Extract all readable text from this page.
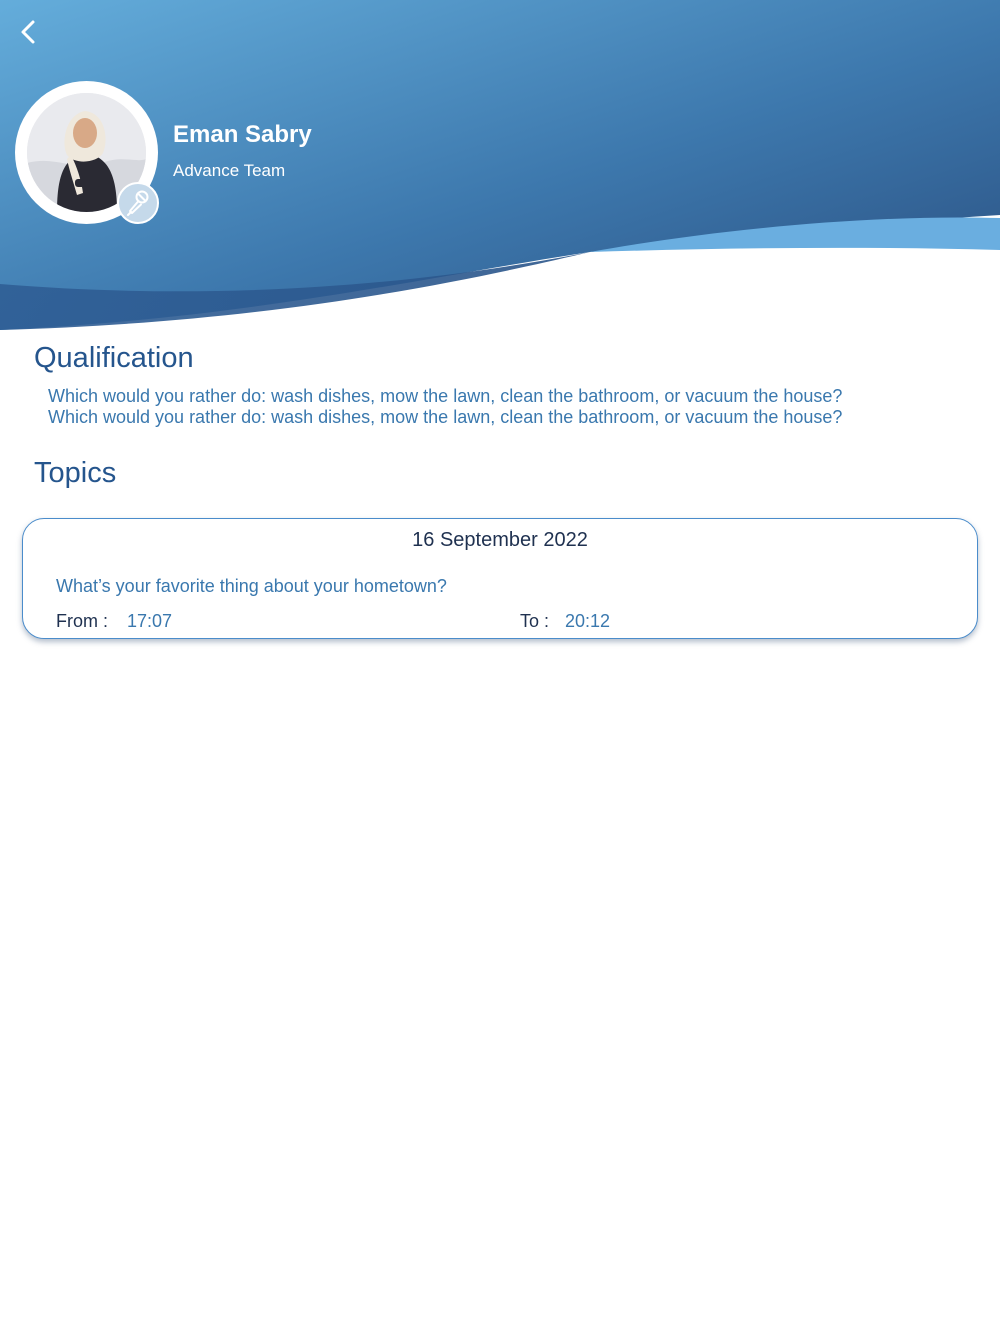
Eman Sabry
Advance Team
Qualification
Which would you rather do: wash dishes, mow the lawn, clean the bathroom, or vacuum the house?
Which would you rather do: wash dishes, mow the lawn, clean the bathroom, or vacuum the house?
Topics
16 September 2022
What’s your favorite thing about your hometown?
From : 17:07	To : 20:12
